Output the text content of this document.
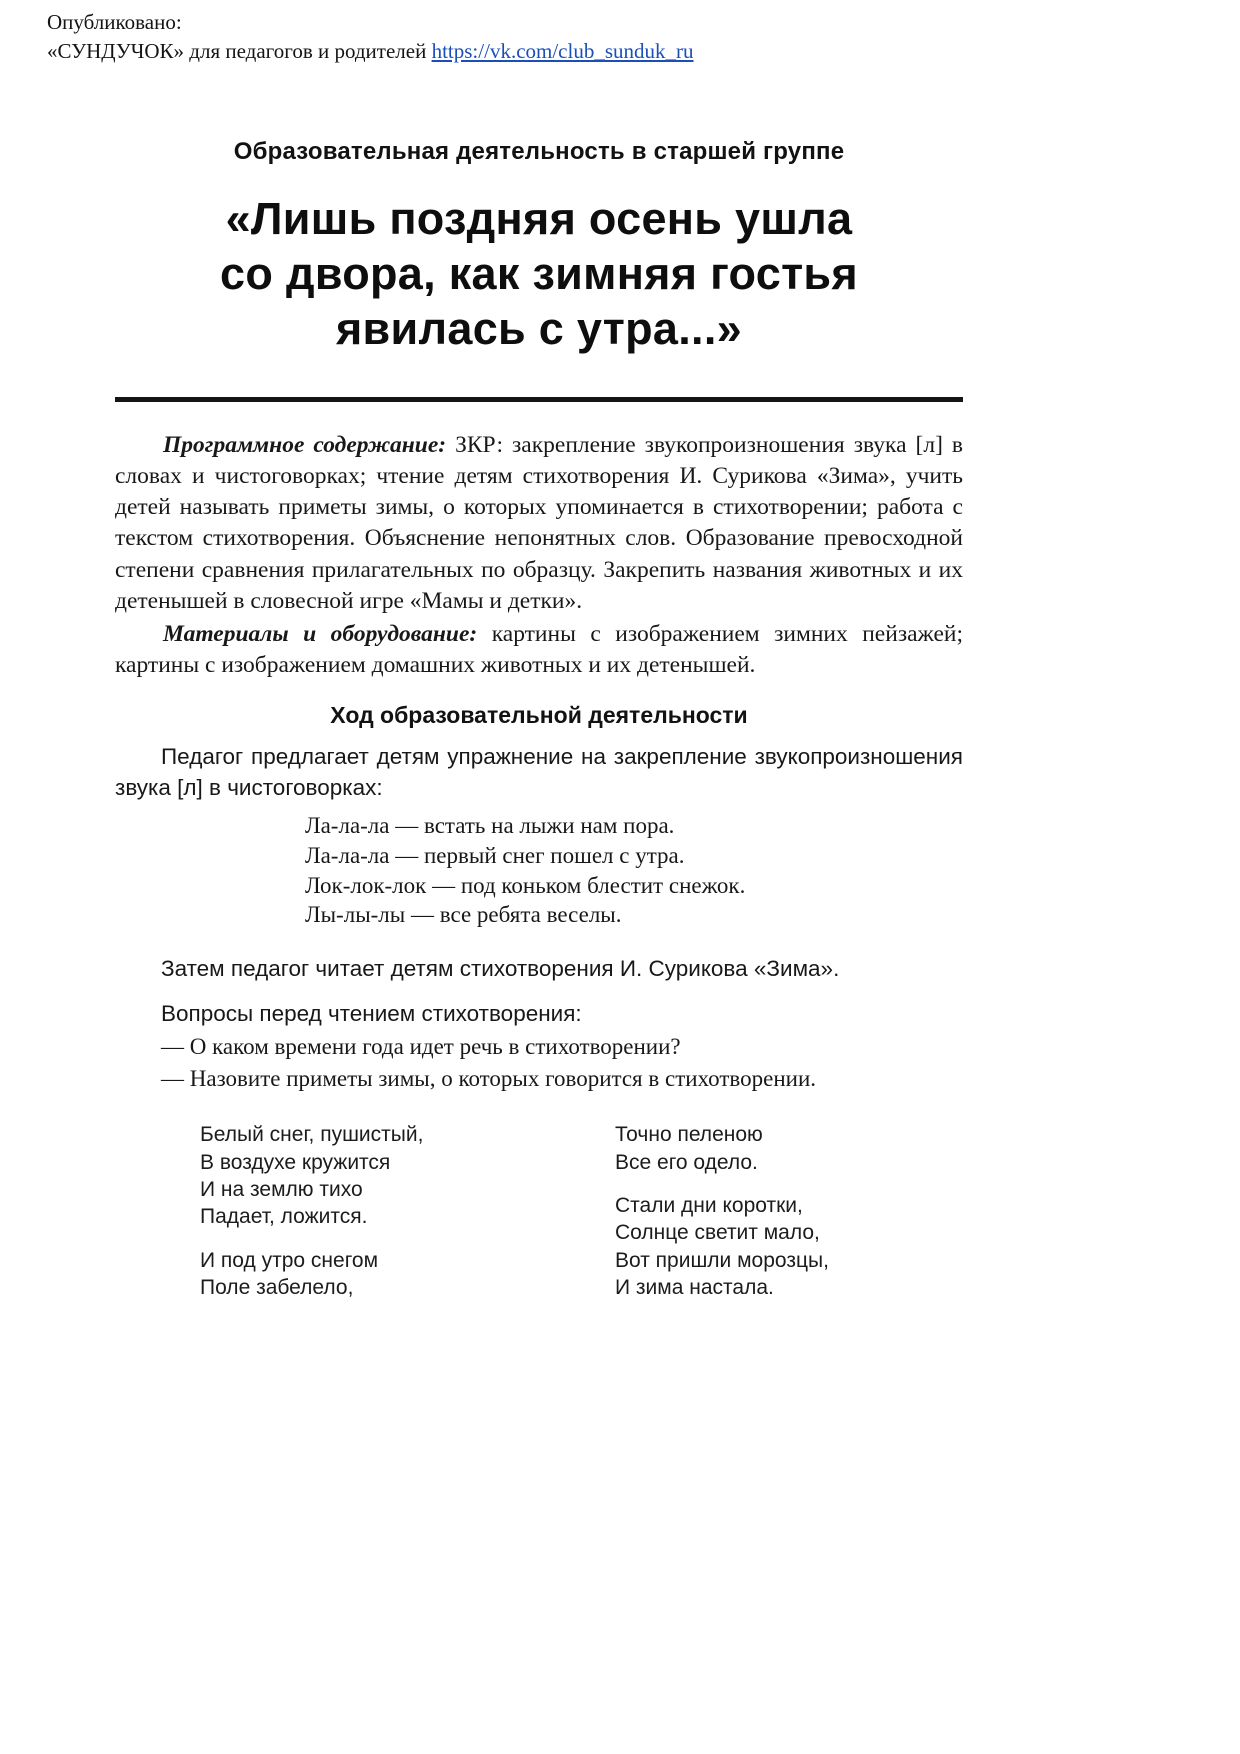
Опубликовано:
«СУНДУЧОК» для педагогов и родителей https://vk.com/club_sunduk_ru
Образовательная деятельность в старшей группе
«Лишь поздняя осень ушла
со двора, как зимняя гостья
явилась с утра...»

Программное содержание: ЗКР: закрепление звукопроизношения звука [л] в словах и чистоговорках; чтение детям стихотворения И. Сурикова «Зима», учить детей называть приметы зимы, о которых упоминается в стихотворении; работа с текстом стихотворения. Объяснение непонятных слов. Образование превосходной степени сравнения прилагательных по образцу. Закрепить названия животных и их детенышей в словесной игре «Мамы и детки».

Материалы и оборудование: картины с изображением зимних пейзажей; картины с изображением домашних животных и их детенышей.

Ход образовательной деятельности

Педагог предлагает детям упражнение на закрепление звукопроизношения звука [л] в чистоговорках:

Ла-ла-ла — встать на лыжи нам пора.
Ла-ла-ла — первый снег пошел с утра.
Лок-лок-лок — под коньком блестит снежок.
Лы-лы-лы — все ребята веселы.

Затем педагог читает детям стихотворения И. Сурикова «Зима».

Вопросы перед чтением стихотворения:
— О каком времени года идет речь в стихотворении?
— Назовите приметы зимы, о которых говорится в стихотворении.
Белый снег, пушистый,
В воздухе кружится
И на землю тихо
Падает, ложится.
И под утро снегом
Поле забелело,
Точно пеленою
Все его одело.
Стали дни коротки,
Солнце светит мало,
Вот пришли морозцы,
И зима настала.
